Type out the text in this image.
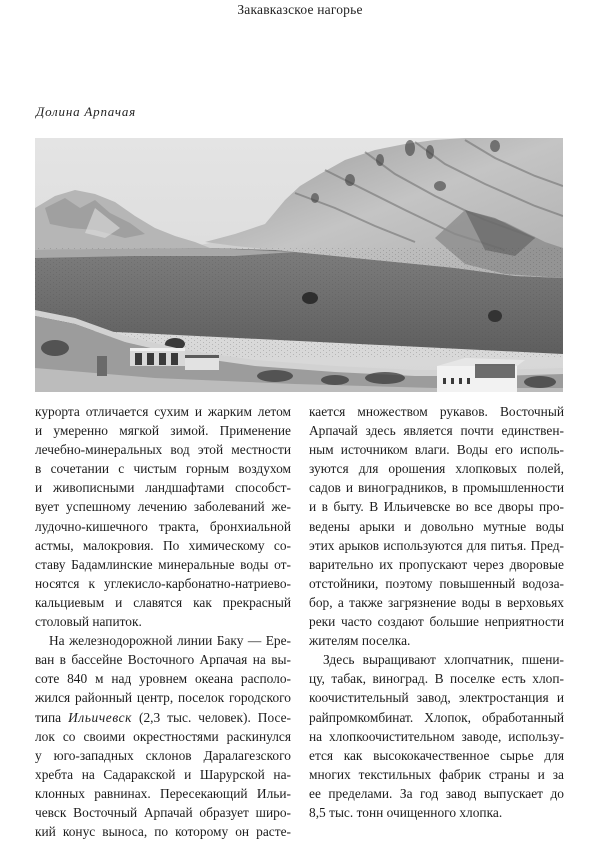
Закавказское нагорье
Долина Арпачая

курорта отличается сухим и жарким летом
и умеренно мягкой зимой. Применение
лечебно-минеральных вод этой местности
в сочетании с чистым горным воздухом
и живописными ландшафтами способст-
вует успешному лечению заболеваний же-
лудочно-кишечного тракта, бронхиальной
астмы, малокровия. По химическому со-
ставу Бадамлинские минеральные воды от-
носятся к углекисло-карбонатно-натриево-
кальциевым и славятся как прекрасный
столовый напиток.

На железнодорожной линии Баку — Ере-
ван в бассейне Восточного Арпачая на вы-
соте 840 м над уровнем океана располо-
жился районный центр, поселок городского
типа Ильичевск (2,3 тыс. человек). Посе-
лок со своими окрестностями раскинулся
у юго-западных склонов Даралагезского
хребта на Садаракской и Шарурской на-
клонных равнинах. Пересекающий Ильи-
чевск Восточный Арпачай образует широ-
кий конус выноса, по которому он расте-

кается множеством рукавов. Восточный
Арпачай здесь является почти единствен-
ным источником влаги. Воды его исполь-
зуются для орошения хлопковых полей,
садов и виноградников, в промышленности
и в быту. В Ильичевске во все дворы про-
ведены арыки и довольно мутные воды
этих арыков используются для питья. Пред-
варительно их пропускают через дворовые
отстойники, поэтому повышенный водоза-
бор, а также загрязнение воды в верховьях
реки часто создают большие неприятности
жителям поселка.

Здесь выращивают хлопчатник, пшени-
цу, табак, виноград. В поселке есть хлоп-
коочистительный завод, электростанция и
райпромкомбинат. Хлопок, обработанный
на хлопкоочистительном заводе, использу-
ется как высококачественное сырье для
многих текстильных фабрик страны и за
ее пределами. За год завод выпускает до
8,5 тыс. тонн очищенного хлопка.
